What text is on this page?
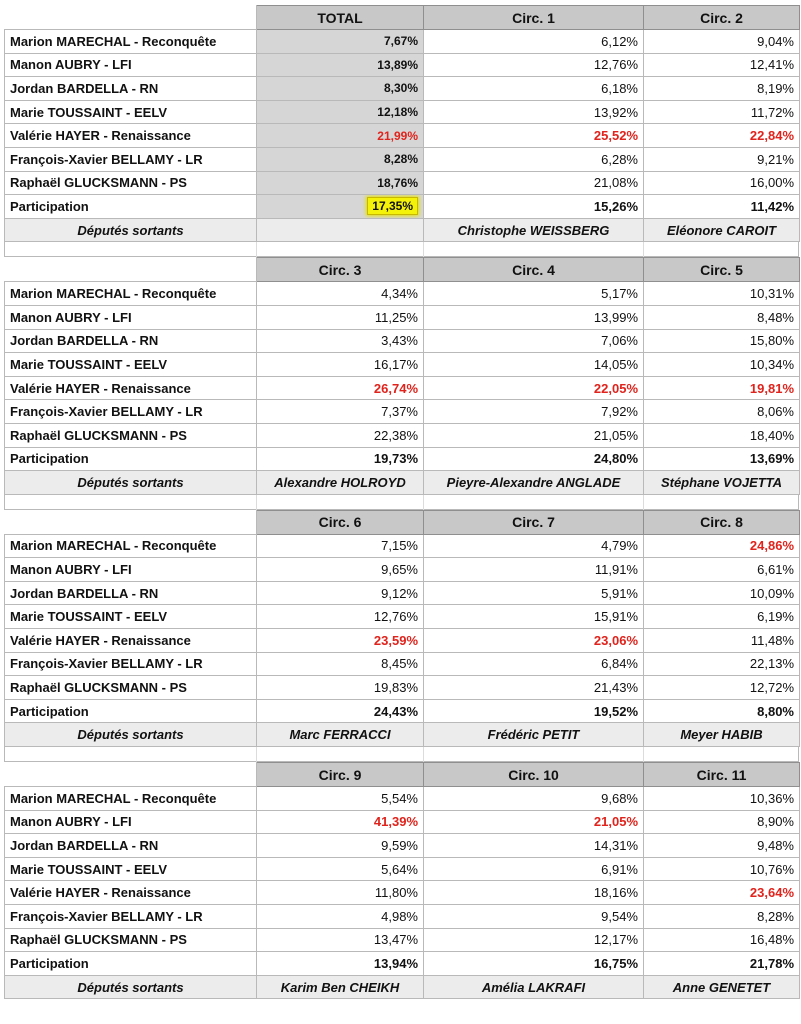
	TOTAL	Circ. 1	Circ. 2
Marion MARECHAL - Reconquête	7,67%	6,12%	9,04%
Manon AUBRY - LFI	13,89%	12,76%	12,41%
Jordan BARDELLA - RN	8,30%	6,18%	8,19%
Marie TOUSSAINT - EELV	12,18%	13,92%	11,72%
Valérie HAYER - Renaissance	21,99%	25,52%	22,84%
François-Xavier BELLAMY - LR	8,28%	6,28%	9,21%
Raphaël GLUCKSMANN - PS	18,76%	21,08%	16,00%
Participation	17,35%	15,26%	11,42%
Députés sortants		Christophe WEISSBERG	Eléonore CAROIT
	Circ. 3	Circ. 4	Circ. 5
Marion MARECHAL - Reconquête	4,34%	5,17%	10,31%
Manon AUBRY - LFI	11,25%	13,99%	8,48%
Jordan BARDELLA - RN	3,43%	7,06%	15,80%
Marie TOUSSAINT - EELV	16,17%	14,05%	10,34%
Valérie HAYER - Renaissance	26,74%	22,05%	19,81%
François-Xavier BELLAMY - LR	7,37%	7,92%	8,06%
Raphaël GLUCKSMANN - PS	22,38%	21,05%	18,40%
Participation	19,73%	24,80%	13,69%
Députés sortants	Alexandre HOLROYD	Pieyre-Alexandre ANGLADE	Stéphane VOJETTA
	Circ. 6	Circ. 7	Circ. 8
Marion MARECHAL - Reconquête	7,15%	4,79%	24,86%
Manon AUBRY - LFI	9,65%	11,91%	6,61%
Jordan BARDELLA - RN	9,12%	5,91%	10,09%
Marie TOUSSAINT - EELV	12,76%	15,91%	6,19%
Valérie HAYER - Renaissance	23,59%	23,06%	11,48%
François-Xavier BELLAMY - LR	8,45%	6,84%	22,13%
Raphaël GLUCKSMANN - PS	19,83%	21,43%	12,72%
Participation	24,43%	19,52%	8,80%
Députés sortants	Marc FERRACCI	Frédéric PETIT	Meyer HABIB
	Circ. 9	Circ. 10	Circ. 11
Marion MARECHAL - Reconquête	5,54%	9,68%	10,36%
Manon AUBRY - LFI	41,39%	21,05%	8,90%
Jordan BARDELLA - RN	9,59%	14,31%	9,48%
Marie TOUSSAINT - EELV	5,64%	6,91%	10,76%
Valérie HAYER - Renaissance	11,80%	18,16%	23,64%
François-Xavier BELLAMY - LR	4,98%	9,54%	8,28%
Raphaël GLUCKSMANN - PS	13,47%	12,17%	16,48%
Participation	13,94%	16,75%	21,78%
Députés sortants	Karim Ben CHEIKH	Amélia LAKRAFI	Anne GENETET
